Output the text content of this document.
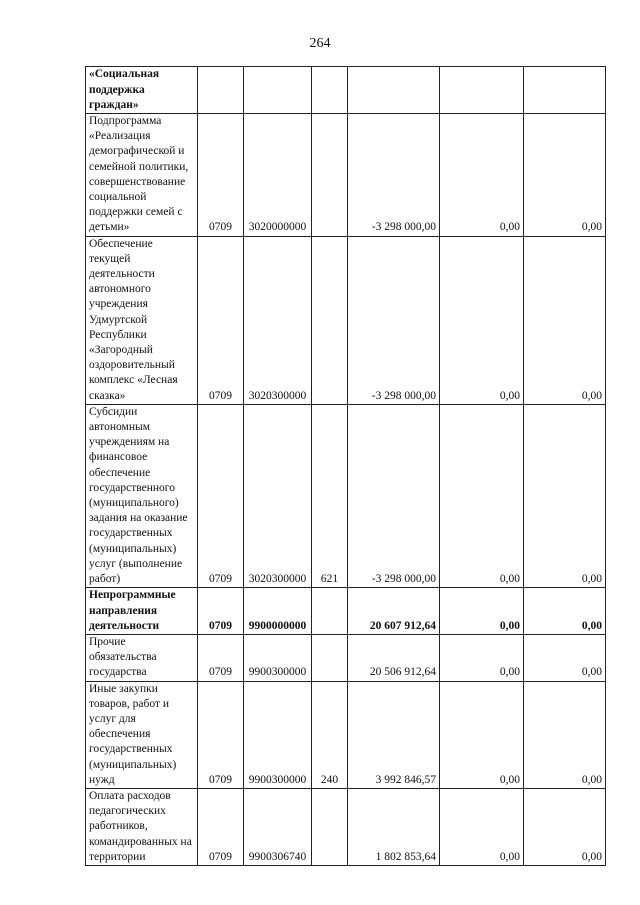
264
«Социальная поддержка граждан»						
Подпрограмма «Реализация демографической и семейной политики, совершенствование социальной поддержки семей с детьми»	0709	3020000000		-3 298 000,00	0,00	0,00
Обеспечение текущей деятельности автономного учреждения Удмуртской Республики «Загородный оздоровительный комплекс «Лесная сказка»	0709	3020300000		-3 298 000,00	0,00	0,00
Субсидии автономным учреждениям на финансовое обеспечение государственного (муниципального) задания на оказание государственных (муниципальных) услуг (выполнение работ)	0709	3020300000	621	-3 298 000,00	0,00	0,00
Непрограммные направления деятельности	0709	9900000000		20 607 912,64	0,00	0,00
Прочие обязательства государства	0709	9900300000		20 506 912,64	0,00	0,00
Иные закупки товаров, работ и услуг для обеспечения государственных (муниципальных) нужд	0709	9900300000	240	3 992 846,57	0,00	0,00
Оплата расходов педагогических работников, командированных на территории	0709	9900306740		1 802 853,64	0,00	0,00
